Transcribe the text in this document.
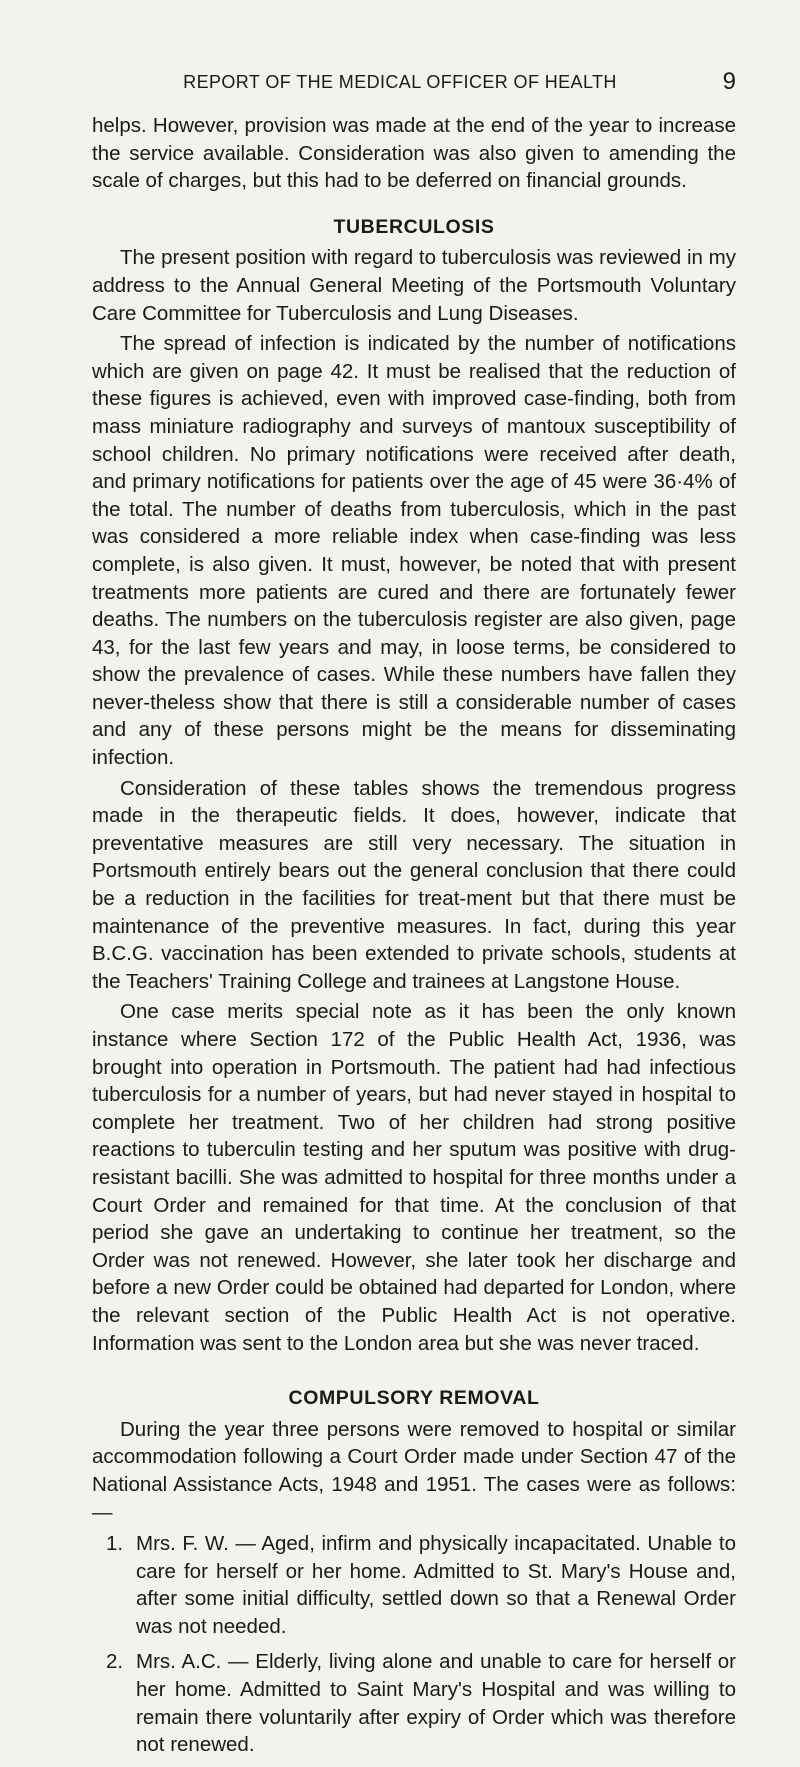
REPORT OF THE MEDICAL OFFICER OF HEALTH	9

helps. However, provision was made at the end of the year to increase the service available. Consideration was also given to amending the scale of charges, but this had to be deferred on financial grounds.

TUBERCULOSIS

The present position with regard to tuberculosis was reviewed in my address to the Annual General Meeting of the Portsmouth Voluntary Care Committee for Tuberculosis and Lung Diseases.

The spread of infection is indicated by the number of notifications which are given on page 42. It must be realised that the reduction of these figures is achieved, even with improved case-finding, both from mass miniature radiography and surveys of mantoux susceptibility of school children. No primary notifications were received after death, and primary notifications for patients over the age of 45 were 36·4% of the total. The number of deaths from tuberculosis, which in the past was considered a more reliable index when case-finding was less complete, is also given. It must, however, be noted that with present treatments more patients are cured and there are fortunately fewer deaths. The numbers on the tuberculosis register are also given, page 43, for the last few years and may, in loose terms, be considered to show the prevalence of cases. While these numbers have fallen they never-theless show that there is still a considerable number of cases and any of these persons might be the means for disseminating infection.

Consideration of these tables shows the tremendous progress made in the therapeutic fields. It does, however, indicate that preventative measures are still very necessary. The situation in Portsmouth entirely bears out the general conclusion that there could be a reduction in the facilities for treat-ment but that there must be maintenance of the preventive measures. In fact, during this year B.C.G. vaccination has been extended to private schools, students at the Teachers' Training College and trainees at Langstone House.

One case merits special note as it has been the only known instance where Section 172 of the Public Health Act, 1936, was brought into operation in Portsmouth. The patient had had infectious tuberculosis for a number of years, but had never stayed in hospital to complete her treatment. Two of her children had strong positive reactions to tuberculin testing and her sputum was positive with drug-resistant bacilli. She was admitted to hospital for three months under a Court Order and remained for that time. At the conclusion of that period she gave an undertaking to continue her treatment, so the Order was not renewed. However, she later took her discharge and before a new Order could be obtained had departed for London, where the relevant section of the Public Health Act is not operative. Information was sent to the London area but she was never traced.

COMPULSORY REMOVAL

During the year three persons were removed to hospital or similar accommodation following a Court Order made under Section 47 of the National Assistance Acts, 1948 and 1951. The cases were as follows:—

1. Mrs. F. W. — Aged, infirm and physically incapacitated. Unable to care for herself or her home. Admitted to St. Mary's House and, after some initial difficulty, settled down so that a Renewal Order was not needed.
2. Mrs. A.C. — Elderly, living alone and unable to care for herself or her home. Admitted to Saint Mary's Hospital and was willing to remain there voluntarily after expiry of Order which was therefore not renewed.
